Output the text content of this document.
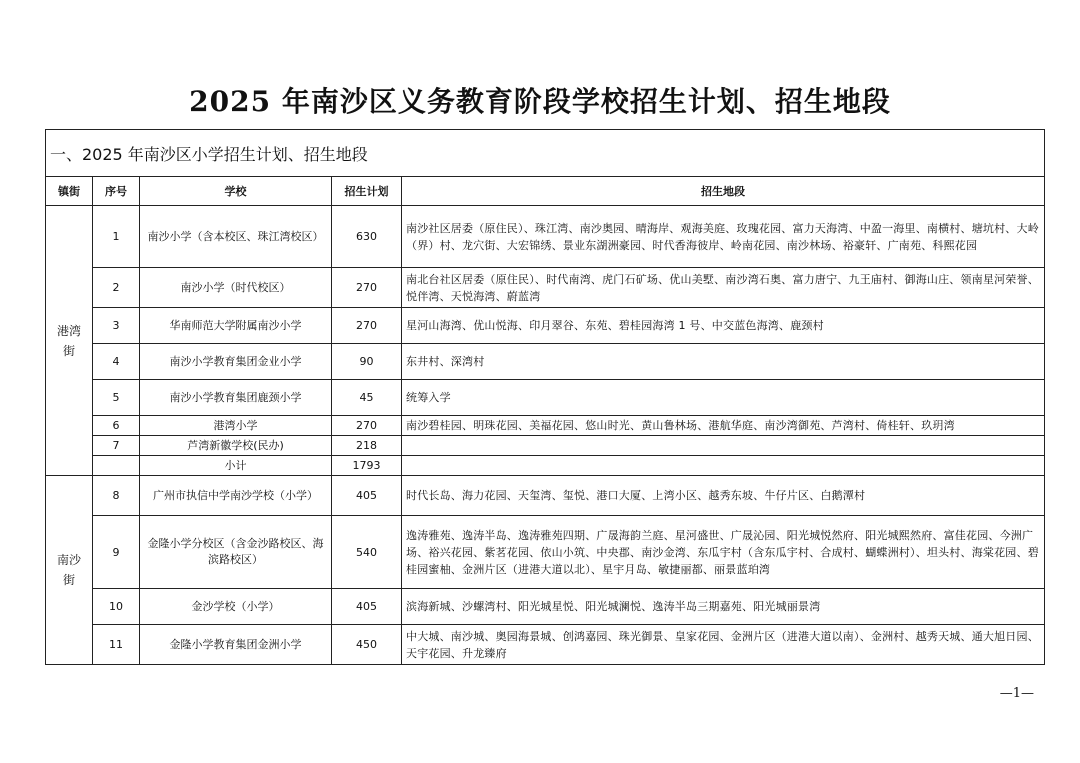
2025 年南沙区义务教育阶段学校招生计划、招生地段
一、2025 年南沙区小学招生计划、招生地段				
镇街	序号	学校	招生计划	招生地段

港湾街	1	南沙小学（含本校区、珠江湾校区）	630	南沙社区居委（原住民）、珠江湾、南沙奥园、晴海岸、观海美庭、玫瑰花园、富力天海湾、中盈一海里、南横村、塘坑村、大岭（界）村、龙穴街、大宏锦绣、景业东湖洲豪园、时代香海彼岸、岭南花园、南沙林场、裕豪轩、广南苑、科熙花园
	2	南沙小学（时代校区）	270	南北台社区居委（原住民）、时代南湾、虎门石矿场、优山美墅、南沙湾石奥、富力唐宁、九王庙村、御海山庄、领南星河荣誉、悦伴湾、天悦海湾、蔚蓝湾
	3	华南师范大学附属南沙小学	270	星河山海湾、优山悦海、印月翠谷、东苑、碧桂园海湾 1 号、中交蓝色海湾、鹿颈村
	4	南沙小学教育集团金业小学	90	东井村、深湾村
	5	南沙小学教育集团鹿颈小学	45	统筹入学
	6	港湾小学	270	南沙碧桂园、明珠花园、美福花园、悠山时光、黄山鲁林场、港航华庭、南沙湾御苑、芦湾村、倚桂轩、玖玥湾
	7	芦湾新徽学校(民办)	218	
		小计	1793	

南沙街	8	广州市执信中学南沙学校（小学）	405	时代长岛、海力花园、天玺湾、玺悦、港口大厦、上湾小区、越秀东坡、牛仔片区、白鹅潭村
	9	金隆小学分校区（含金沙路校区、海滨路校区）	540	逸涛雅苑、逸涛半岛、逸涛雅苑四期、广晟海韵兰庭、星河盛世、广晟沁园、阳光城悦然府、阳光城熙然府、富佳花园、今洲广场、裕兴花园、紫茗花园、依山小筑、中央郡、南沙金湾、东瓜宇村（含东瓜宇村、合成村、蝴蝶洲村）、坦头村、海棠花园、碧桂园蜜柚、金洲片区（进港大道以北）、星宇月岛、敏捷丽都、丽景蓝珀湾
	10	金沙学校（小学）	405	滨海新城、沙螺湾村、阳光城星悦、阳光城澜悦、逸涛半岛三期嘉苑、阳光城丽景湾
	11	金隆小学教育集团金洲小学	450	中大城、南沙城、奥园海景城、创鸿嘉园、珠光御景、皇家花园、金洲片区（进港大道以南）、金洲村、越秀天城、通大旭日园、天宇花园、升龙臻府
—1—
